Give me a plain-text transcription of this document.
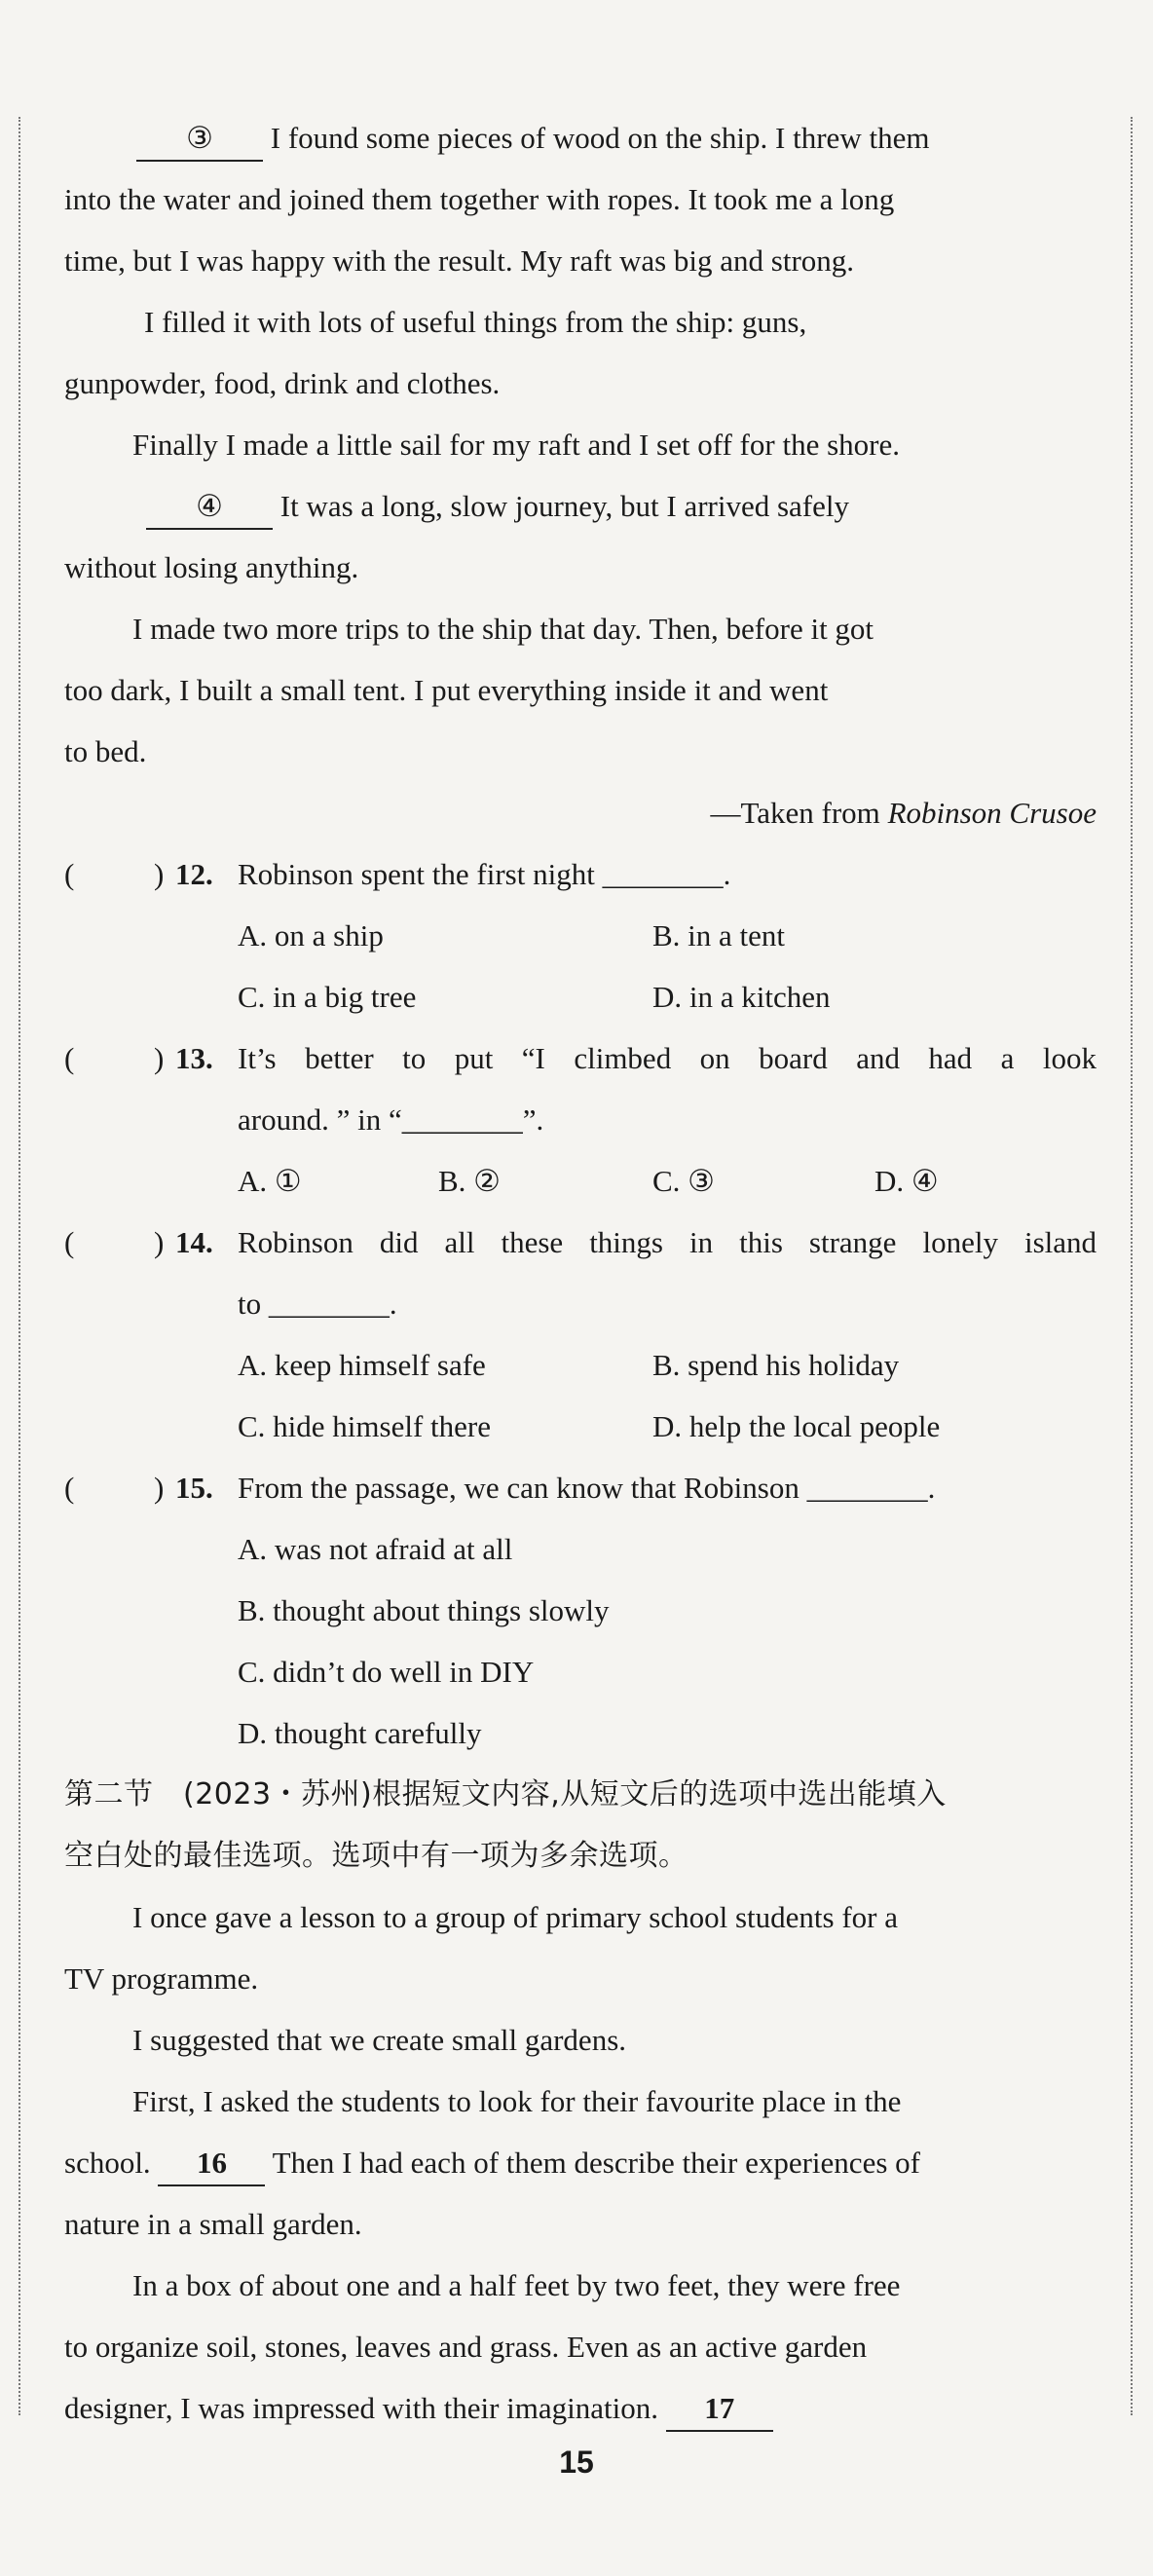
③ I found some pieces of wood on the ship. I threw them

into the water and joined them together with ropes. It took me a long

time, but I was happy with the result. My raft was big and strong.

I filled it with lots of useful things from the ship: guns,

gunpowder, food, drink and clothes.

Finally I made a little sail for my raft and I set off for the shore.

④ It was a long, slow journey, but I arrived safely

without losing anything.

I made two more trips to the ship that day. Then, before it got

too dark, I built a small tent. I put everything inside it and went

to bed.

—Taken from Robinson Crusoe

(	) 12. Robinson spent the first night ________.
A. on a ship	B. in a tent
C. in a big tree	D. in a kitchen
(	) 13. It’s better to put “I climbed on board and had a look
around. ” in “________”.
A. ①	B. ②	C. ③	D. ④
(	) 14. Robinson did all these things in this strange lonely island
to ________.
A. keep himself safe	B. spend his holiday
C. hide himself there	D. help the local people
(	) 15. From the passage, we can know that Robinson ________.
A. was not afraid at all
B. thought about things slowly
C. didn’t do well in DIY
D. thought carefully

第二节　(2023・苏州)根据短文内容,从短文后的选项中选出能填入

空白处的最佳选项。选项中有一项为多余选项。

I once gave a lesson to a group of primary school students for a

TV programme.

I suggested that we create small gardens.

First, I asked the students to look for their favourite place in the

school. 16 Then I had each of them describe their experiences of

nature in a small garden.

In a box of about one and a half feet by two feet, they were free

to organize soil, stones, leaves and grass. Even as an active garden

designer, I was impressed with their imagination. 17

15
